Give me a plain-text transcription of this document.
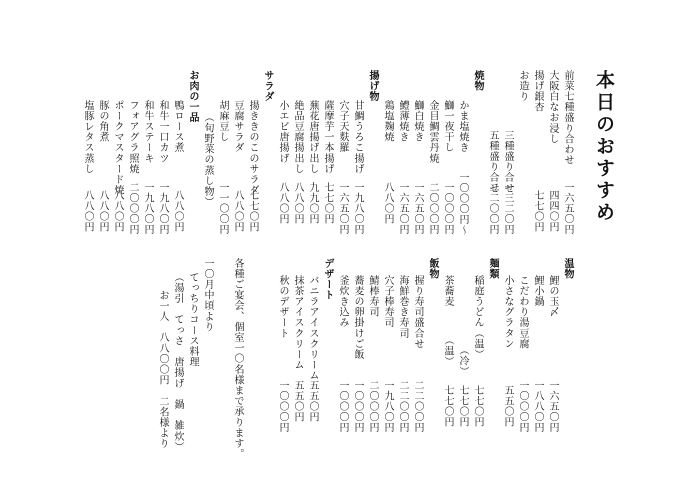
本日のおすすめ
前菜七種盛り合わせ
一六五〇円
大阪白なお浸し
四四〇円
揚げ銀杏
七七〇円
お造り
三種盛り合せ
一三二〇円
五種盛り合せ
二二〇〇円
焼物
かま塩焼き
一〇〇〇円～
鰤一夜干し
一〇〇〇円
金目鯛雲丹焼
二〇〇〇円
鰤白焼き
一六五〇円
鱧薄焼き
一六五〇円
鶏塩麹焼
八八〇円
揚げ物
甘鯛うろこ揚げ
一九八〇円
穴子天麩羅
一六五〇円
薩摩芋一本揚げ
七七〇円
蕪花唐揚げ出し
九九〇円
絶品豆腐揚出し
八八〇円
小エビ唐揚げ
八八〇円
サラダ
揚ききのこのサラダ
七七〇円
豆腐サラダ
八八〇円
胡麻豆し
一一〇〇円
（旬野菜の蒸し物）
お肉の一品
鴨ロース煮
八八〇円
和牛一口カツ
一九八〇円
和牛ステーキ
一九八〇円
フォアグラ照焼
二〇〇〇円
ポークマスタード焼
八八〇円
豚の角煮
八八〇円
塩豚レタス蒸し
八八〇円
温物
鯉の玉〆
一六五〇円
鯉小鍋
一八八〇円
こだわり湯豆腐
一〇〇〇円
小さなグラタン
五五〇円
麺類
稲庭うどん（温）
七七〇円
（冷）
七七〇円
茶蕎麦
（温）
七七〇円
飯物
握り寿司盛合せ
二二〇〇円
海鮮巻き寿司
二二〇〇円
穴子棒寿司
一九八〇円
鯖棒寿司
二〇〇〇円
蕎麦の卵掛けご飯
一〇〇〇円
釜炊き込み
一〇〇〇円
デザート
バニラアイスクリーム
五五〇円
抹茶アイスクリーム
五五〇円
秋のデザート
一〇〇〇円
各種ご宴会、個室一〇名様まで承ります。
一〇月中頃より
てっちりコース料理
（湯引　てっさ　唐揚げ　鍋　雑炊）
お一人　八八〇〇円　二名様より
